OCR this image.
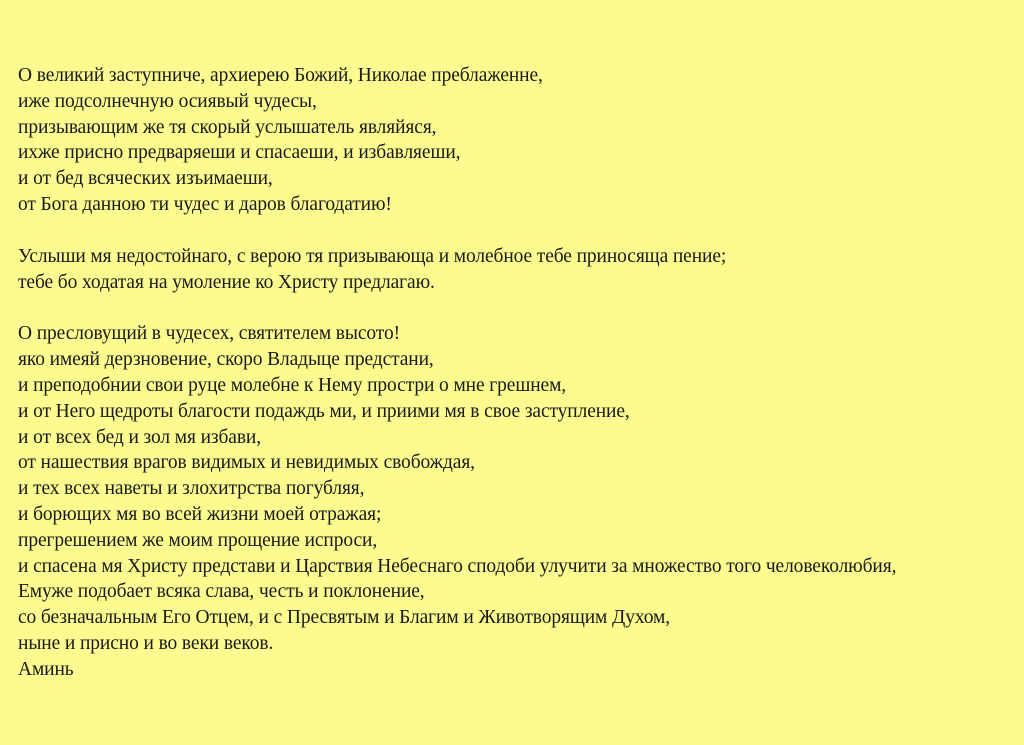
О великий заступниче, архиерею Божий, Николае преблаженне,
иже подсолнечную осиявый чудесы,
призывающим же тя скорый услышатель являйяся,
ихже присно предваряеши и спасаеши, и избавляеши,
и от бед всяческих изъимаеши,
от Бога данною ти чудес и даров благодатию!
Услыши мя недостойнаго, с верою тя призывающа и молебное тебе приносяща пение;
тебе бо ходатая на умоление ко Христу предлагаю.
О пресловущий в чудесех, святителем высото!
яко имеяй дерзновение, скоро Владыце предстани,
и преподобнии свои руце молебне к Нему простри о мне грешнем,
и от Него щедроты благости подаждь ми, и приими мя в свое заступление,
и от всех бед и зол мя избави,
от нашествия врагов видимых и невидимых свобождая,
и тех всех наветы и злохитрства погубляя,
и борющих мя во всей жизни моей отражая;
прегрешением же моим прощение испроси,
и спасена мя Христу представи и Царствия Небеснаго сподоби улучити за множество того человеколюбия,
Емуже подобает всяка слава, честь и поклонение,
со безначальным Его Отцем, и с Пресвятым и Благим и Животворящим Духом,
ныне и присно и во веки веков.
Аминь
